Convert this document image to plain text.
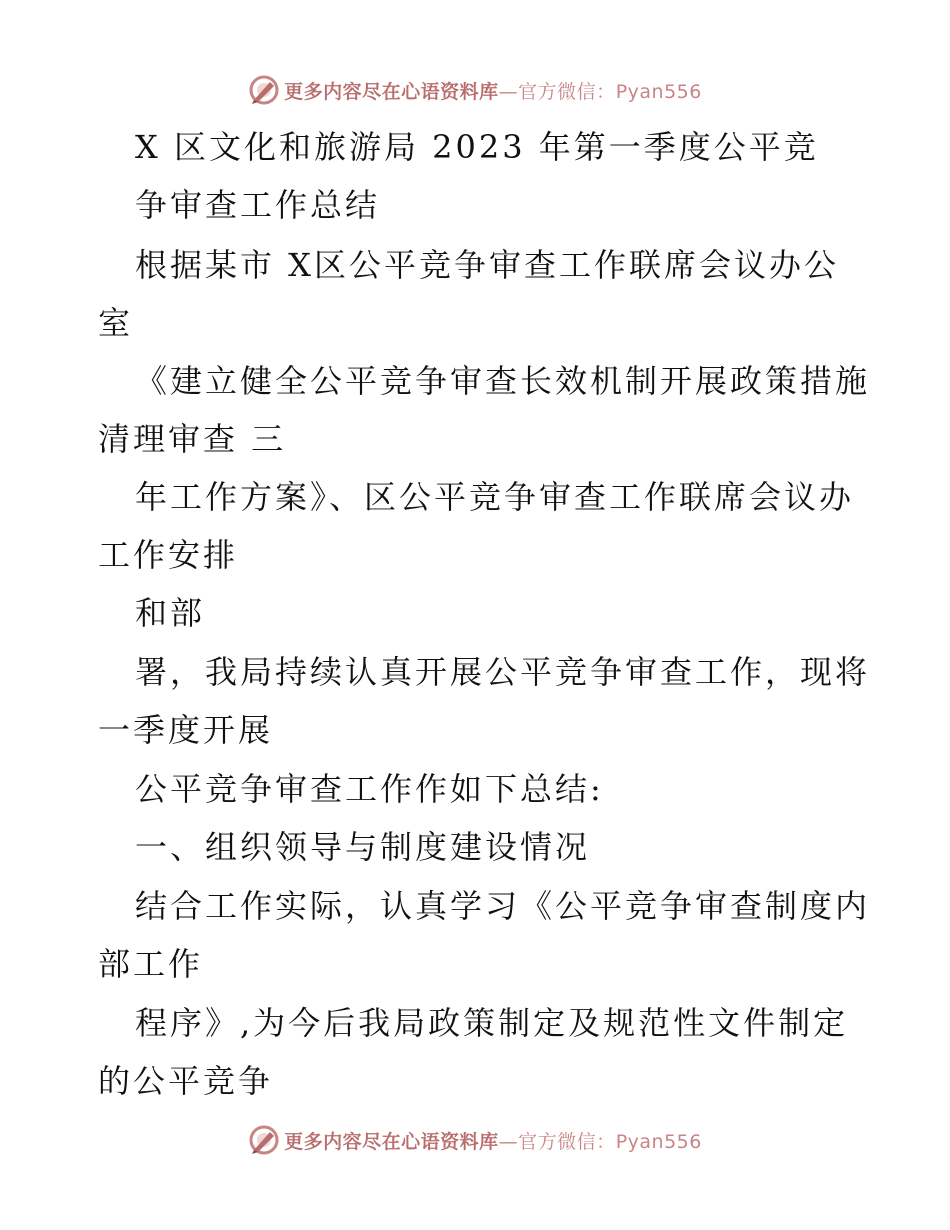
更多内容尽在心语资料库—官方微信：Pyan556
X 区文化和旅游局 2023 年第一季度公平竞
争审查工作总结
根据某市 X区公平竞争审查工作联席会议办公
室
《建立健全公平竞争审查长效机制开展政策措施
清理审查 三
年工作方案》、区公平竞争审查工作联席会议办
工作安排
和部
署，我局持续认真开展公平竞争审查工作，现将
一季度开展
公平竞争审查工作作如下总结:
一、组织领导与制度建设情况
结合工作实际，认真学习《公平竞争审查制度内
部工作
程序》,为今后我局政策制定及规范性文件制定
的公平竞争
更多内容尽在心语资料库—官方微信：Pyan556
